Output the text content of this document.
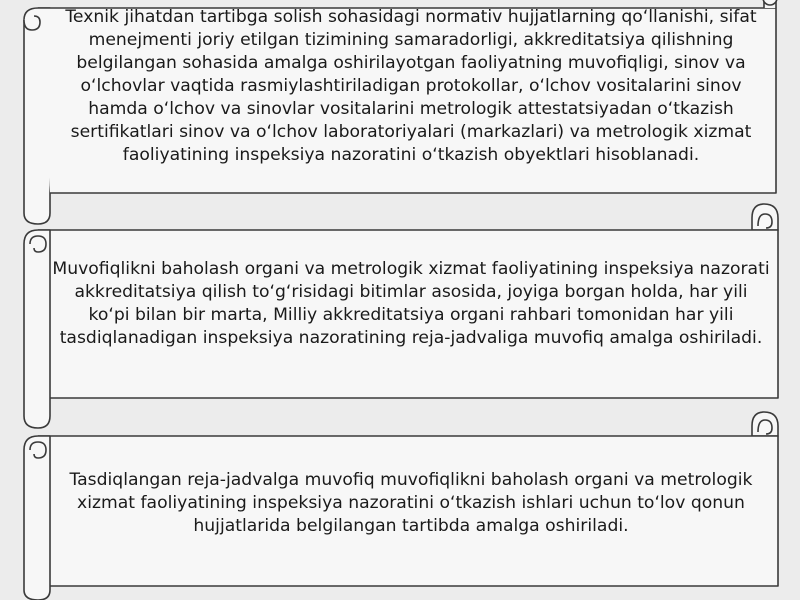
Texnik jihatdan tartibga solish sohasidagi normativ hujjatlarning qo‘llanishi, sifat menejmenti joriy etilgan tizimining samaradorligi, akkreditatsiya qilishning belgilangan sohasida amalga oshirilayotgan faoliyatning muvofiqligi, sinov va o‘lchovlar vaqtida rasmiylashtiriladigan protokollar, o‘lchov vositalarini sinov hamda o‘lchov va sinovlar vositalarini metrologik attestatsiyadan o‘tkazish sertifikatlari sinov va o‘lchov laboratoriyalari (markazlari) va metrologik xizmat faoliyatining inspeksiya nazoratini o‘tkazish obyektlari hisoblanadi.

Muvofiqlikni baholash organi va metrologik xizmat faoliyatining inspeksiya nazorati akkreditatsiya qilish to‘g‘risidagi bitimlar asosida, joyiga borgan holda, har yili ko‘pi bilan bir marta, Milliy akkreditatsiya organi rahbari tomonidan har yili tasdiqlanadigan inspeksiya nazoratining reja-jadvaliga muvofiq amalga oshiriladi.

Tasdiqlangan reja-jadvalga muvofiq muvofiqlikni baholash organi va metrologik xizmat faoliyatining inspeksiya nazoratini o‘tkazish ishlari uchun to‘lov qonun hujjatlarida belgilangan tartibda amalga oshiriladi.
